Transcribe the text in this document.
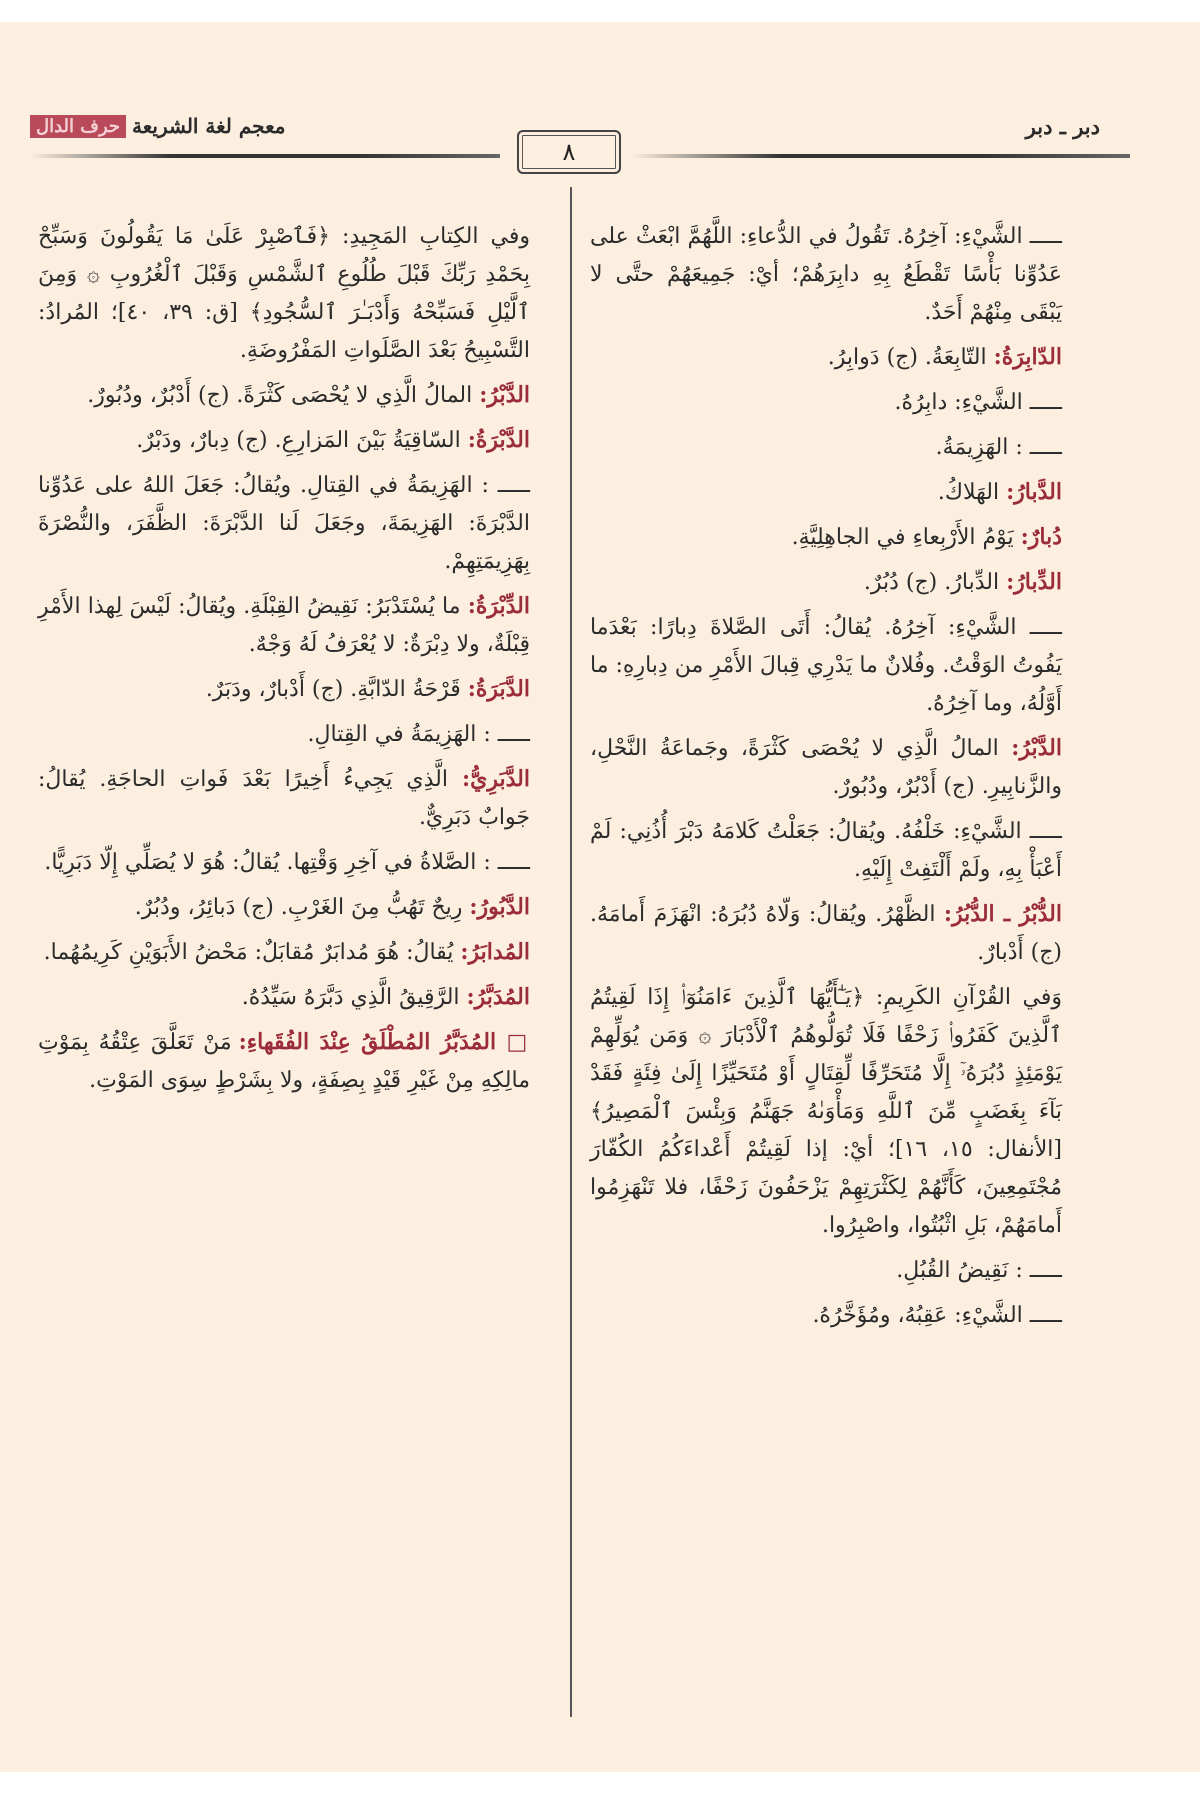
معجم لغة الشريعة
حرف الدال
٨
دبر ـ دبر

ـــــ الشَّيْءِ: آخِرُهُ. تَقُولُ في الدُّعاءِ: اللَّهُمَّ ابْعَثْ على عَدُوِّنا بَأْسًا تَقْطَعُ بِهِ دابِرَهُمْ؛ أيْ: جَمِيعَهُمْ حتَّى لا يَبْقَى مِنْهُمْ أَحَدٌ.

الدّابِرَةُ: التّابِعَةُ. (ج) دَوابِرُ.

ـــــ الشَّيْءِ: دابِرُهُ.

ـــــ : الهَزِيمَةُ.

الدَّبارُ: الهَلاكُ.

دُبارٌ: يَوْمُ الأَرْبِعاءِ في الجاهِلِيَّةِ.

الدِّبارُ: الدِّبارُ. (ج) دُبُرٌ.

ـــــ الشَّيْءِ: آخِرُهُ. يُقالُ: أَتَى الصَّلاةَ دِبارًا: بَعْدَما يَفُوتُ الوَقْتُ. وفُلانٌ ما يَدْرِي قِبالَ الأَمْرِ من دِبارِهِ: ما أَوَّلُهُ، وما آخِرُهُ.

الدَّبْرُ: المالُ الَّذِي لا يُحْصَى كَثْرَةً، وجَماعَةُ النَّحْلِ، والزَّنابِيرِ. (ج) أَدْبُرٌ، ودُبُورٌ.

ـــــ الشَّيْءِ: خَلْفُهُ. ويُقالُ: جَعَلْتُ كَلامَهُ دَبْرَ أُذُنِي: لَمْ أَعْبَأْ بِهِ، ولَمْ أَلْتَفِتْ إِلَيْهِ.

الدُّبْرُ ـ الدُّبُرُ: الظَّهْرُ. ويُقالُ: وَلّاهُ دُبُرَهُ: انْهَزَمَ أَمامَهُ. (ج) أَدْبارٌ.

وَفي القُرْآنِ الكَرِيمِ: ﴿يَـٰٓأَيُّهَا ٱلَّذِينَ ءَامَنُوٓا۟ إِذَا لَقِيتُمُ ٱلَّذِينَ كَفَرُوا۟ زَحْفًا فَلَا تُوَلُّوهُمُ ٱلْأَدْبَارَ ۞ وَمَن يُوَلِّهِمْ يَوْمَئِذٍ دُبُرَهُۥٓ إِلَّا مُتَحَرِّفًا لِّقِتَالٍ أَوْ مُتَحَيِّزًا إِلَىٰ فِئَةٍ فَقَدْ بَآءَ بِغَضَبٍ مِّنَ ٱللَّهِ وَمَأْوَىٰهُ جَهَنَّمُ وَبِئْسَ ٱلْمَصِيرُ﴾ [الأنفال: ١٥، ١٦]؛ أيْ: إذا لَقِيتُمْ أَعْداءَكُمُ الكُفّارَ مُجْتَمِعِينَ، كَأَنَّهُمْ لِكَثْرَتِهِمْ يَزْحَفُونَ زَحْفًا، فلا تَنْهَزِمُوا أَمامَهُمْ، بَلِ اثْبُتُوا، واصْبِرُوا.

ـــــ : نَقِيضُ القُبُلِ.

ـــــ الشَّيْءِ: عَقِبُهُ، ومُؤَخَّرُهُ.

وفي الكِتابِ المَجِيدِ: ﴿فَٱصْبِرْ عَلَىٰ مَا يَقُولُونَ وَسَبِّحْ بِحَمْدِ رَبِّكَ قَبْلَ طُلُوعِ ٱلشَّمْسِ وَقَبْلَ ٱلْغُرُوبِ ۞ وَمِنَ ٱلَّيْلِ فَسَبِّحْهُ وَأَدْبَـٰرَ ٱلسُّجُودِ﴾ [ق: ٣٩، ٤٠]؛ المُرادُ: التَّسْبِيحُ بَعْدَ الصَّلَواتِ المَفْرُوضَةِ.

الدَّبْرُ: المالُ الَّذِي لا يُحْصَى كَثْرَةً. (ج) أَدْبُرٌ، ودُبُورٌ.

الدَّبْرَةُ: السّاقِيَةُ بَيْنَ المَزارِعِ. (ج) دِبارٌ، ودَبْرٌ.

ـــــ : الهَزِيمَةُ في القِتالِ. ويُقالُ: جَعَلَ اللهُ على عَدُوِّنا الدَّبْرَةَ: الهَزِيمَةَ، وجَعَلَ لَنا الدَّبْرَةَ: الظَّفَرَ، والنُّصْرَةَ بِهَزِيمَتِهِمْ.

الدِّبْرَةُ: ما يُسْتَدْبَرُ: نَقِيضُ القِبْلَةِ. ويُقالُ: لَيْسَ لِهذا الأَمْرِ قِبْلَةٌ، ولا دِبْرَةٌ: لا يُعْرَفُ لَهُ وَجْهٌ.

الدَّبَرَةُ: قَرْحَةُ الدّابَّةِ. (ج) أَدْبارٌ، ودَبَرٌ.

ـــــ : الهَزِيمَةُ في القِتالِ.

الدَّبَرِيُّ: الَّذِي يَجِيءُ أَخِيرًا بَعْدَ فَواتِ الحاجَةِ. يُقالُ: جَوابٌ دَبَرِيٌّ.

ـــــ : الصَّلاةُ في آخِرِ وَقْتِها. يُقالُ: هُوَ لا يُصَلِّي إِلّا دَبَرِيًّا.

الدَّبُورُ: رِيحٌ تَهُبُّ مِنَ الغَرْبِ. (ج) دَبائِرُ، ودُبُرٌ.

المُدابَرُ: يُقالُ: هُوَ مُدابَرٌ مُقابَلٌ: مَحْضُ الأَبَوَيْنِ كَرِيمُهُما.

المُدَبَّرُ: الرَّقِيقُ الَّذِي دَبَّرَهُ سَيِّدُهُ.

□ المُدَبَّرُ المُطْلَقُ عِنْدَ الفُقَهاءِ: مَنْ تَعَلَّقَ عِتْقُهُ بِمَوْتِ مالِكِهِ مِنْ غَيْرِ قَيْدٍ بِصِفَةٍ، ولا بِشَرْطٍ سِوَى المَوْتِ.
